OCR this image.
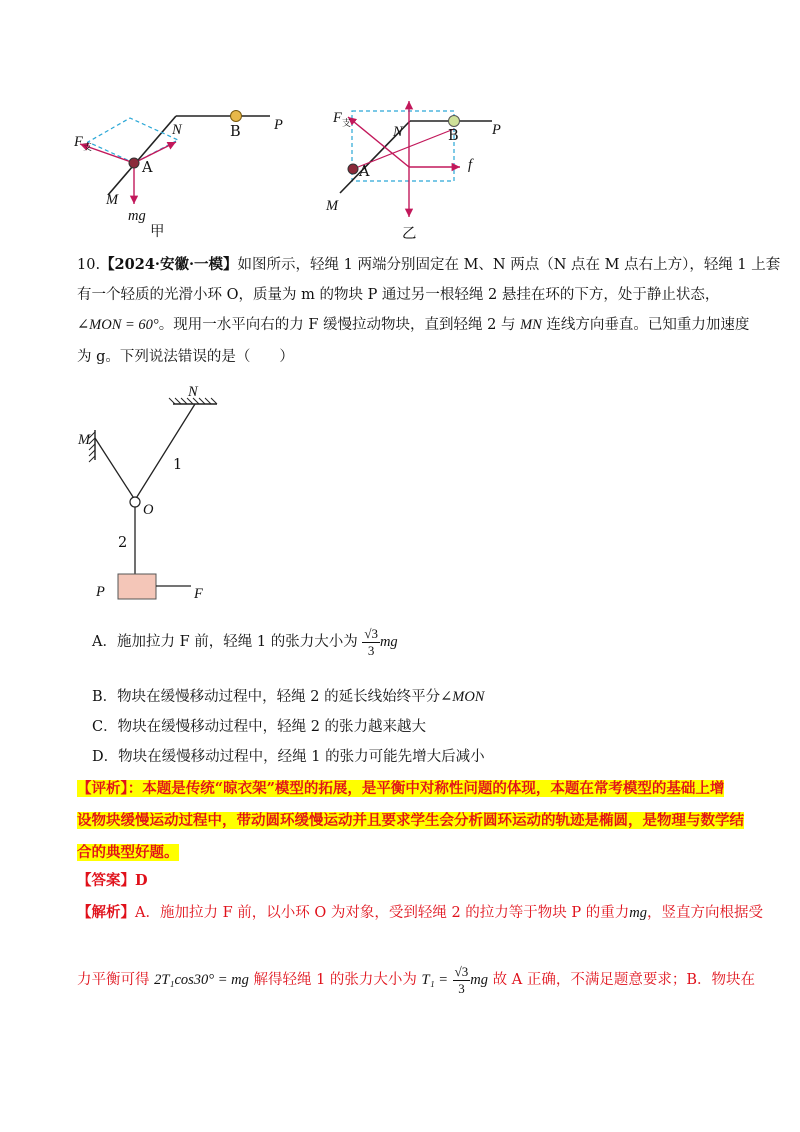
$F_支$
N	B P
A
M
mg
甲
$F_支$
N	B P
A
M
f
乙
10.【2024·安徽·一模】如图所示，轻绳 1 两端分别固定在 M、N 两点（N 点在 M 点右上方），轻绳 1 上套
有一个轻质的光滑小环 O，质量为 m 的物块 P 通过另一根轻绳 2 悬挂在环的下方，处于静止状态，
∠MON = 60°。现用一水平向右的力 F 缓慢拉动物块，直到轻绳 2 与 MN 连线方向垂直。已知重力加速度
为 g。下列说法错误的是（　　）
N
M
1
O
2
P	F
A．施加拉力 F 前，轻绳 1 的张力大小为 $\frac{√3}{3}$ mg
B．物块在缓慢移动过程中，轻绳 2 的延长线始终平分∠MON
C．物块在缓慢移动过程中，轻绳 2 的张力越来越大
D．物块在缓慢移动过程中，经绳 1 的张力可能先增大后减小
【评析】：本题是传统“晾衣架”模型的拓展，是平衡中对称性问题的体现，本题在常考模型的基础上增
设物块缓慢运动过程中，带动圆环缓慢运动并且要求学生会分析圆环运动的轨迹是椭圆，是物理与数学结
合的典型好题。
【答案】D
【解析】A．施加拉力 F 前，以小环 O 为对象，受到轻绳 2 的拉力等于物块 P 的重力mg，竖直方向根据受
力平衡可得 2T₁cos30° = mg 解得轻绳 1 的张力大小为 $T_1 = \frac{√3}{3}$ mg 故 A 正确，不满足题意要求；B．物块在
